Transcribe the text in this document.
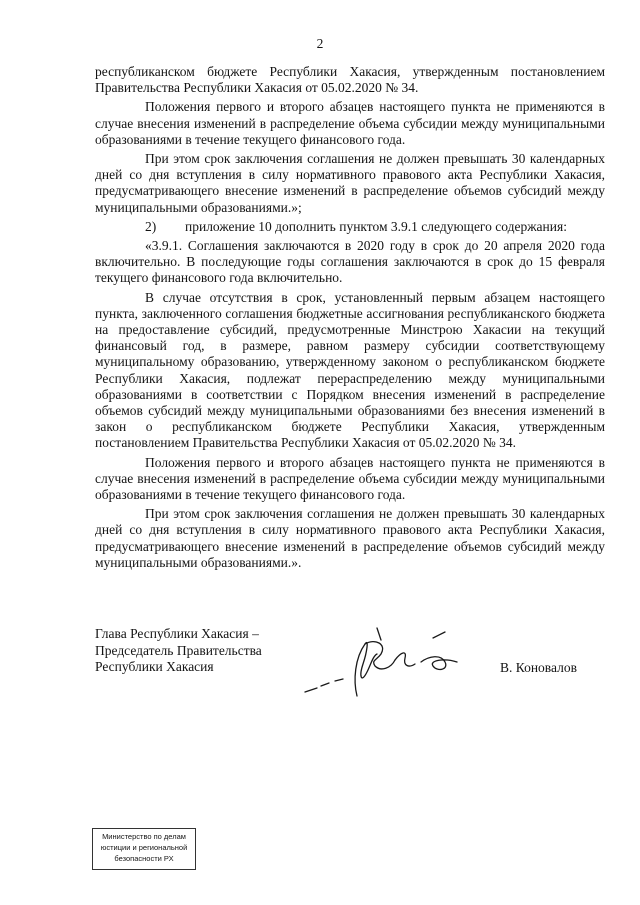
2

республиканском бюджете Республики Хакасия, утвержденным постановлением Правительства Республики Хакасия от 05.02.2020 № 34.

Положения первого и второго абзацев настоящего пункта не применяются в случае внесения изменений в распределение объема субсидии между муниципальными образованиями в течение текущего финансового года.

При этом срок заключения соглашения не должен превышать 30 календарных дней со дня вступления в силу нормативного правового акта Республики Хакасия, предусматривающего внесение изменений в распределение объемов субсидий между муниципальными образованиями.»;

2) приложение 10 дополнить пунктом 3.9.1 следующего содержания:

«3.9.1. Соглашения заключаются в 2020 году в срок до 20 апреля 2020 года включительно. В последующие годы соглашения заключаются в срок до 15 февраля текущего финансового года включительно.

В случае отсутствия в срок, установленный первым абзацем настоящего пункта, заключенного соглашения бюджетные ассигнования республиканского бюджета на предоставление субсидий, предусмотренные Минстрою Хакасии на текущий финансовый год, в размере, равном размеру субсидии соответствующему муниципальному образованию, утвержденному законом о республиканском бюджете Республики Хакасия, подлежат перераспределению между муниципальными образованиями в соответствии с Порядком внесения изменений в распределение объемов субсидий между муниципальными образованиями без внесения изменений в закон о республиканском бюджете Республики Хакасия, утвержденным постановлением Правительства Республики Хакасия от 05.02.2020 № 34.

Положения первого и второго абзацев настоящего пункта не применяются в случае внесения изменений в распределение объема субсидии между муниципальными образованиями в течение текущего финансового года.

При этом срок заключения соглашения не должен превышать 30 календарных дней со дня вступления в силу нормативного правового акта Республики Хакасия, предусматривающего внесение изменений в распределение объемов субсидий между муниципальными образованиями.».

Глава Республики Хакасия –
Председатель Правительства
Республики Хакасия	В. Коновалов
Министерство по делам
юстиции и региональной
безопасности РХ
